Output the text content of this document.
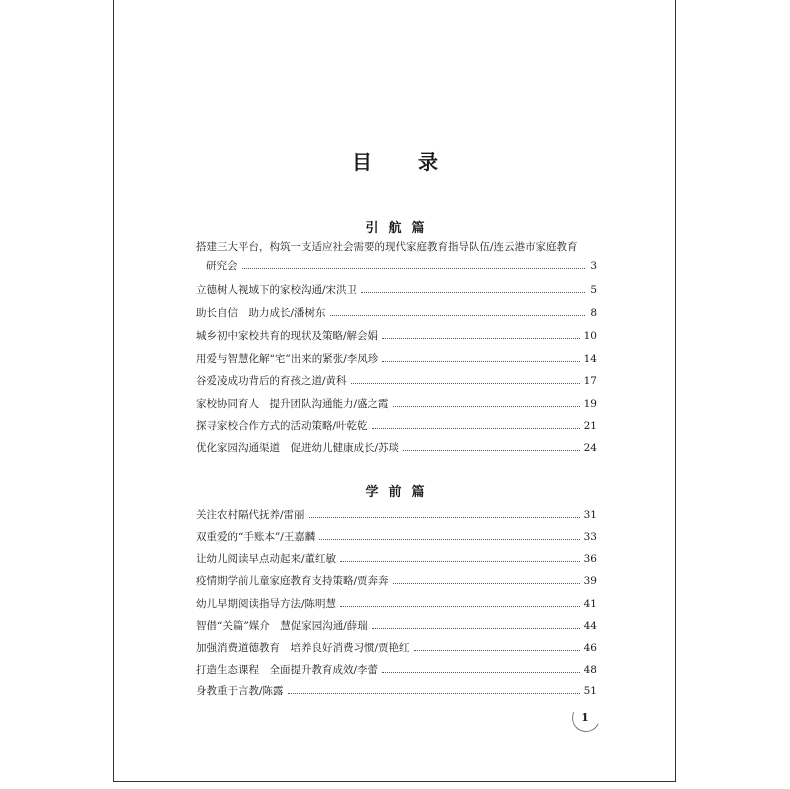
目 录
引航篇
搭建三大平台，构筑一支适应社会需要的现代家庭教育指导队伍/连云港市家庭教育
研究会	3
立德树人视域下的家校沟通/宋洪卫	5
助长自信　助力成长/潘树东	8
城乡初中家校共育的现状及策略/解会娟	10
用爱与智慧化解“宅”出来的紧张/李凤珍	14
谷爱凌成功背后的育孩之道/黄科	17
家校协同育人　提升团队沟通能力/盛之霞	19
探寻家校合作方式的活动策略/叶乾乾	21
优化家园沟通渠道　促进幼儿健康成长/苏琰	24
学前篇
关注农村隔代抚养/雷丽	31
双重爱的“手账本”/王嘉麟	33
让幼儿阅读早点动起来/董红敏	36
疫情期学前儿童家庭教育支持策略/贾奔奔	39
幼儿早期阅读指导方法/陈明慧	41
智借“关篇”媒介　慧促家园沟通/薛瑞	44
加强消费道德教育　培养良好消费习惯/贾艳红	46
打造生态课程　全面提升教育成效/李蕾	48
身教重于言教/陈露	51
1
